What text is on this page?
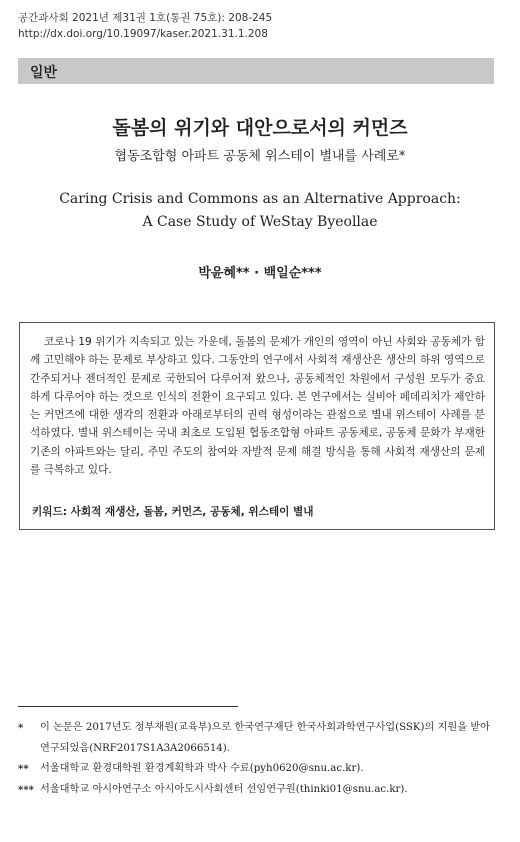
공간과사회 2021년 제31권 1호(통권 75호): 208-245
http://dx.doi.org/10.19097/kaser.2021.31.1.208
일반
돌봄의 위기와 대안으로서의 커먼즈
협동조합형 아파트 공동체 위스테이 별내를 사례로*
Caring Crisis and Commons as an Alternative Approach:
A Case Study of WeStay Byeollae
박윤혜** · 백일순***
코로나 19 위기가 지속되고 있는 가운데, 돌봄의 문제가 개인의 영역이 아닌 사회와 공동체가 함께 고민해야 하는 문제로 부상하고 있다. 그동안의 연구에서 사회적 재생산은 생산의 하위 영역으로 간주되거나 젠더적인 문제로 국한되어 다루어져 왔으나, 공동체적인 차원에서 구성원 모두가 중요하게 다루어야 하는 것으로 인식의 전환이 요구되고 있다. 본 연구에서는 실비아 페데리치가 제안하는 커먼즈에 대한 생각의 전환과 아래로부터의 권력 형성이라는 관점으로 별내 위스테이 사례를 분석하였다. 별내 위스테이는 국내 최초로 도입된 협동조합형 아파트 공동체로, 공동체 문화가 부재한 기존의 아파트와는 달리, 주민 주도의 참여와 자발적 문제 해결 방식을 통해 사회적 재생산의 문제를 극복하고 있다.
키워드: 사회적 재생산, 돌봄, 커먼즈, 공동체, 위스테이 별내
* 이 논문은 2017년도 정부재원(교육부)으로 한국연구재단 한국사회과학연구사업(SSK)의 지원을 받아 연구되었음(NRF2017S1A3A2066514).
** 서울대학교 환경대학원 환경계획학과 박사 수료(pyh0620@snu.ac.kr).
*** 서울대학교 아시아연구소 아시아도시사회센터 선임연구원(thinki01@snu.ac.kr).
